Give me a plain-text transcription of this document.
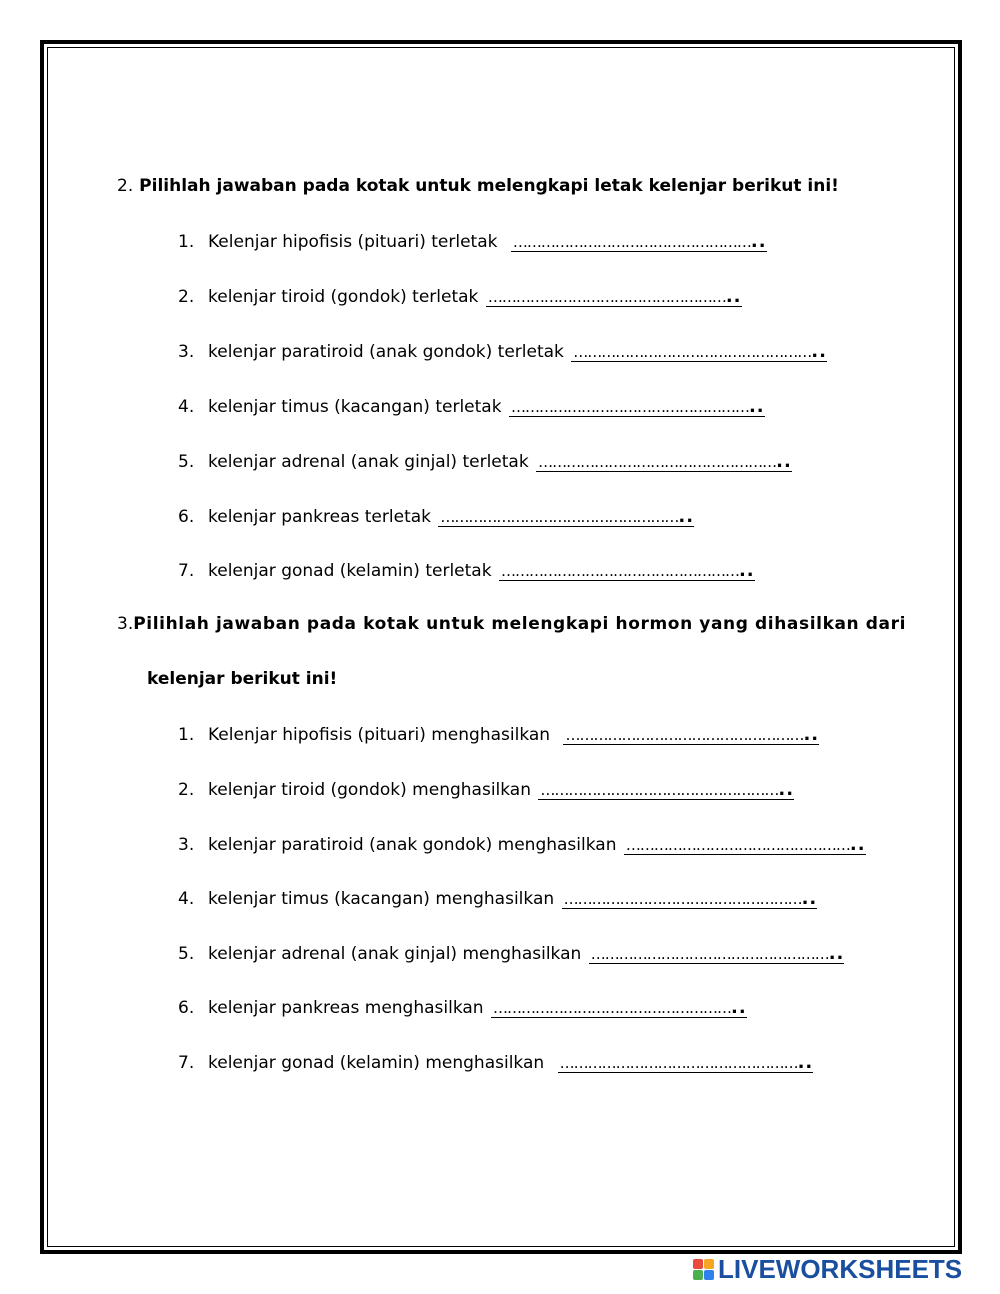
2. Pilihlah jawaban pada kotak untuk melengkapi letak kelenjar berikut ini!
1. Kelenjar hipofisis (pituari) terletak ……………………………………………..
2. kelenjar tiroid (gondok) terletak ……………………………………………..
3. kelenjar paratiroid (anak gondok) terletak ……………………………………………..
4. kelenjar timus (kacangan) terletak ……………………………………………..
5. kelenjar adrenal (anak ginjal) terletak ……………………………………………..
6. kelenjar pankreas terletak ……………………………………………..
7. kelenjar gonad (kelamin) terletak ……………………………………………..
3. Pilihlah jawaban pada kotak untuk melengkapi hormon yang dihasilkan dari
kelenjar berikut ini!
1. Kelenjar hipofisis (pituari) menghasilkan ……………………………………………..
2. kelenjar tiroid (gondok) menghasilkan ……………………………………………..
3. kelenjar paratiroid (anak gondok) menghasilkan …………………………………………..
4. kelenjar timus (kacangan) menghasilkan ……………………………………………..
5. kelenjar adrenal (anak ginjal) menghasilkan ……………………………………………..
6. kelenjar pankreas menghasilkan ……………………………………………..
7. kelenjar gonad (kelamin) menghasilkan ……………………………………………..
LIVEWORKSHEETS
